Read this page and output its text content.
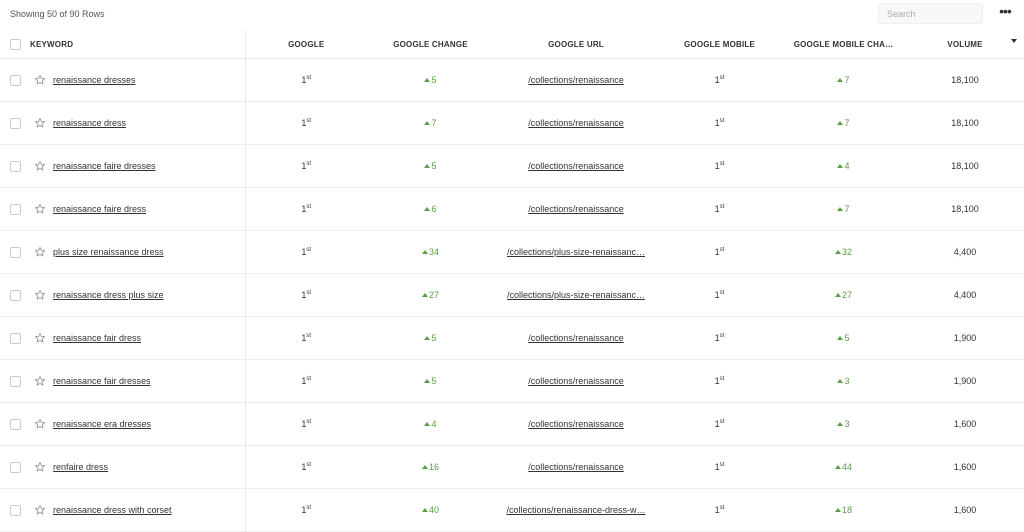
Showing 50 of 90 Rows
Search	•••
KEYWORD	GOOGLE	GOOGLE CHANGE	GOOGLE URL	GOOGLE MOBILE	GOOGLE MOBILE CHA…	VOLUME

renaissance dresses	1st	5	/collections/renaissance	1st	7	18,100

renaissance dress	1st	7	/collections/renaissance	1st	7	18,100

renaissance faire dresses	1st	5	/collections/renaissance	1st	4	18,100

renaissance faire dress	1st	6	/collections/renaissance	1st	7	18,100

plus size renaissance dress	1st	34	/collections/plus-size-renaissanc…	1st	32	4,400

renaissance dress plus size	1st	27	/collections/plus-size-renaissanc…	1st	27	4,400

renaissance fair dress	1st	5	/collections/renaissance	1st	5	1,900

renaissance fair dresses	1st	5	/collections/renaissance	1st	3	1,900

renaissance era dresses	1st	4	/collections/renaissance	1st	3	1,600

renfaire dress	1st	16	/collections/renaissance	1st	44	1,600

renaissance dress with corset	1st	40	/collections/renaissance-dress-w…	1st	18	1,600
